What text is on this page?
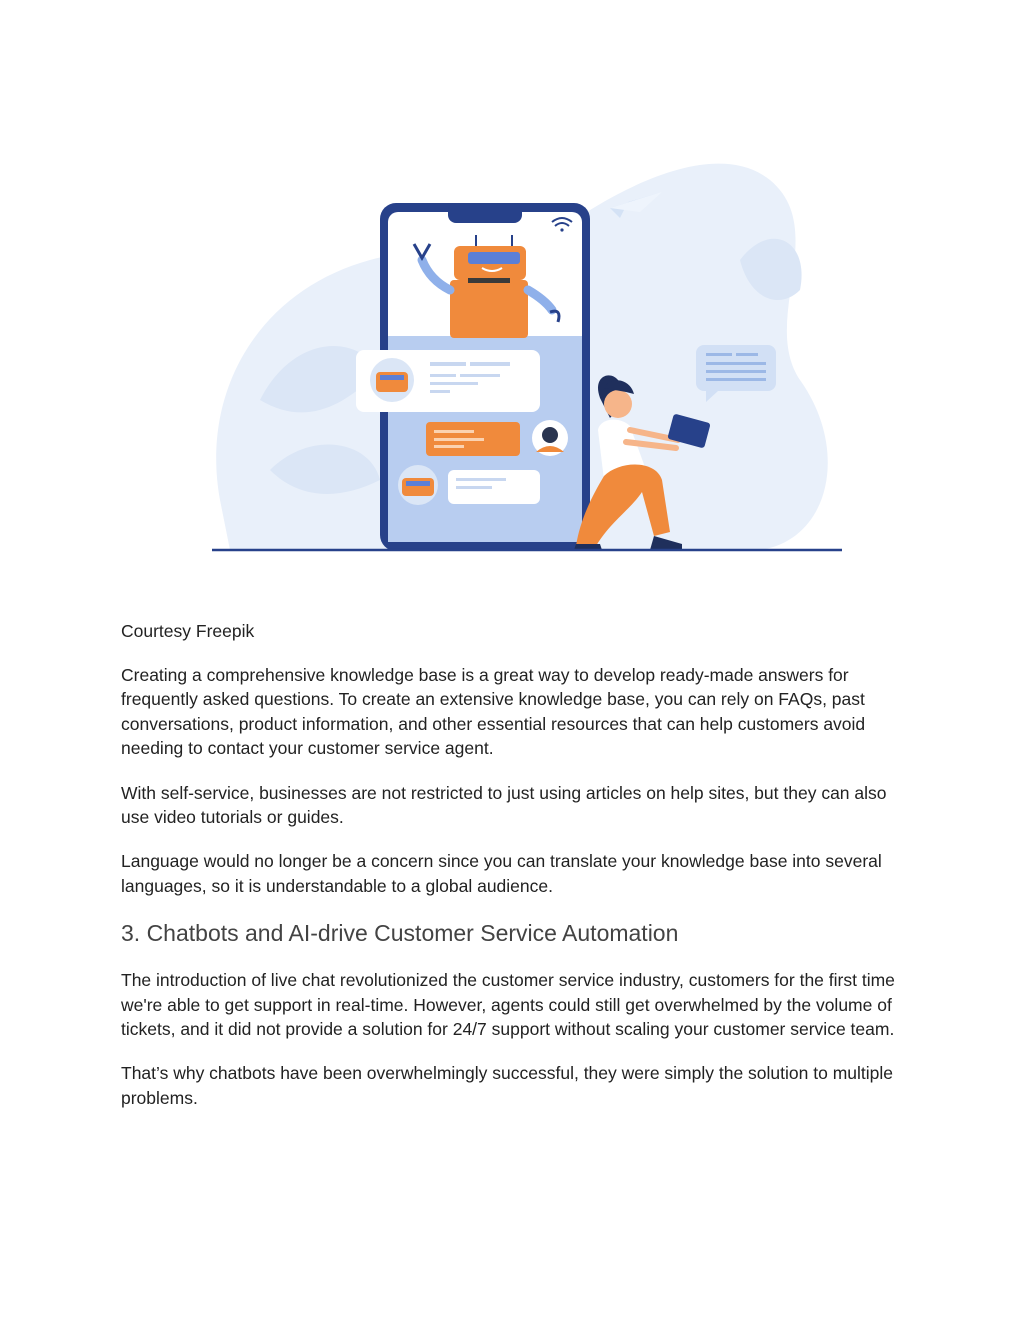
Courtesy Freepik

Creating a comprehensive knowledge base is a great way to develop ready-made answers for frequently asked questions. To create an extensive knowledge base, you can rely on FAQs, past conversations, product information, and other essential resources that can help customers avoid needing to contact your customer service agent.

With self-service, businesses are not restricted to just using articles on help sites, but they can also use video tutorials or guides.

Language would no longer be a concern since you can translate your knowledge base into several languages, so it is understandable to a global audience.

3. Chatbots and AI-drive Customer Service Automation

The introduction of live chat revolutionized the customer service industry, customers for the first time we're able to get support in real-time. However, agents could still get overwhelmed by the volume of tickets, and it did not provide a solution for 24/7 support without scaling your customer service team.

That’s why chatbots have been overwhelmingly successful, they were simply the solution to multiple problems.
